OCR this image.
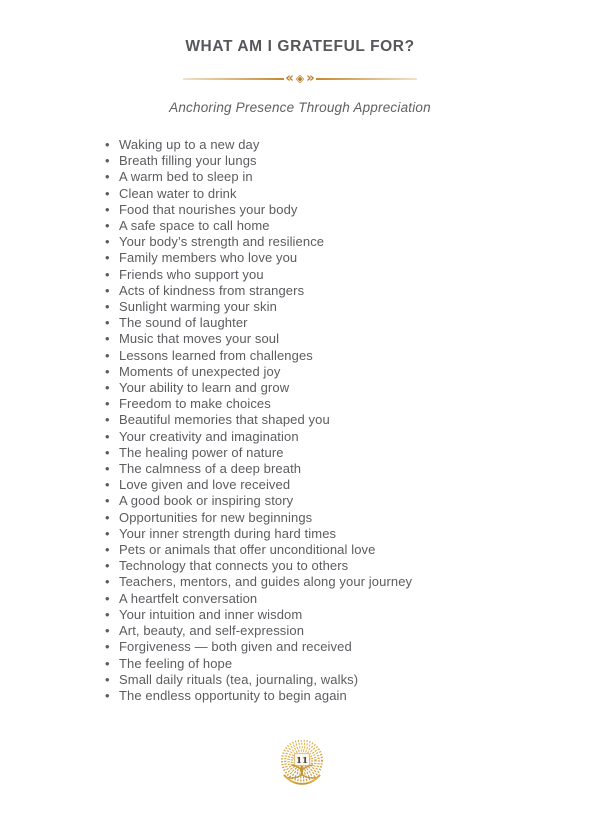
WHAT AM I GRATEFUL FOR?
« ◈ »
Anchoring Presence Through Appreciation
• Waking up to a new day
• Breath filling your lungs
• A warm bed to sleep in
• Clean water to drink
• Food that nourishes your body
• A safe space to call home
• Your body’s strength and resilience
• Family members who love you
• Friends who support you
• Acts of kindness from strangers
• Sunlight warming your skin
• The sound of laughter
• Music that moves your soul
• Lessons learned from challenges
• Moments of unexpected joy
• Your ability to learn and grow
• Freedom to make choices
• Beautiful memories that shaped you
• Your creativity and imagination
• The healing power of nature
• The calmness of a deep breath
• Love given and love received
• A good book or inspiring story
• Opportunities for new beginnings
• Your inner strength during hard times
• Pets or animals that offer unconditional love
• Technology that connects you to others
• Teachers, mentors, and guides along your journey
• A heartfelt conversation
• Your intuition and inner wisdom
• Art, beauty, and self-expression
• Forgiveness — both given and received
• The feeling of hope
• Small daily rituals (tea, journaling, walks)
• The endless opportunity to begin again
11
